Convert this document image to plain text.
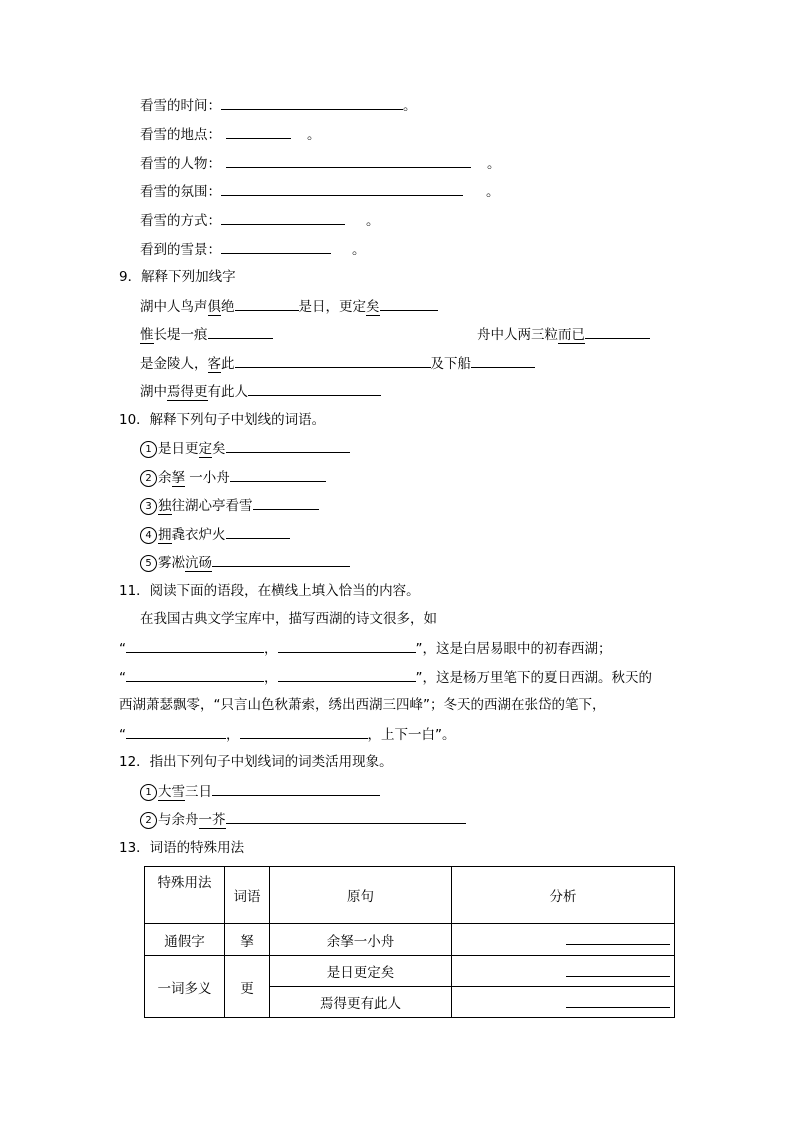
看雪的时间：	。
看雪的地点：	。
看雪的人物：	。
看雪的氛围：	。
看雪的方式：	。
看到的雪景：	。
9．解释下列加线字
湖中人鸟声俱绝	是日，更定矣
惟长堤一痕	舟中人两三粒而已
是金陵人，客此	及下船
湖中焉得更有此人
10．解释下列句子中划线的词语。
1 是日更定矣
2 余拏 一小舟
3 独往湖心亭看雪
4 拥毳衣炉火
5 雾凇沆砀
11．阅读下面的语段，在横线上填入恰当的内容。
在我国古典文学宝库中，描写西湖的诗文很多，如
“	，	”，这是白居易眼中的初春西湖；
“	，	”，这是杨万里笔下的夏日西湖。秋天的
西湖萧瑟飘零，“只言山色秋萧索，绣出西湖三四峰”；冬天的西湖在张岱的笔下，
“	，	，上下一白”。
12．指出下列句子中划线词的词类活用现象。
1 大雪三日
2 与余舟一芥
13．词语的特殊用法
特殊用法	词语	原句	分析
通假字	拏	余拏一小舟	
一词多义	更	是日更定矣	
		焉得更有此人	
